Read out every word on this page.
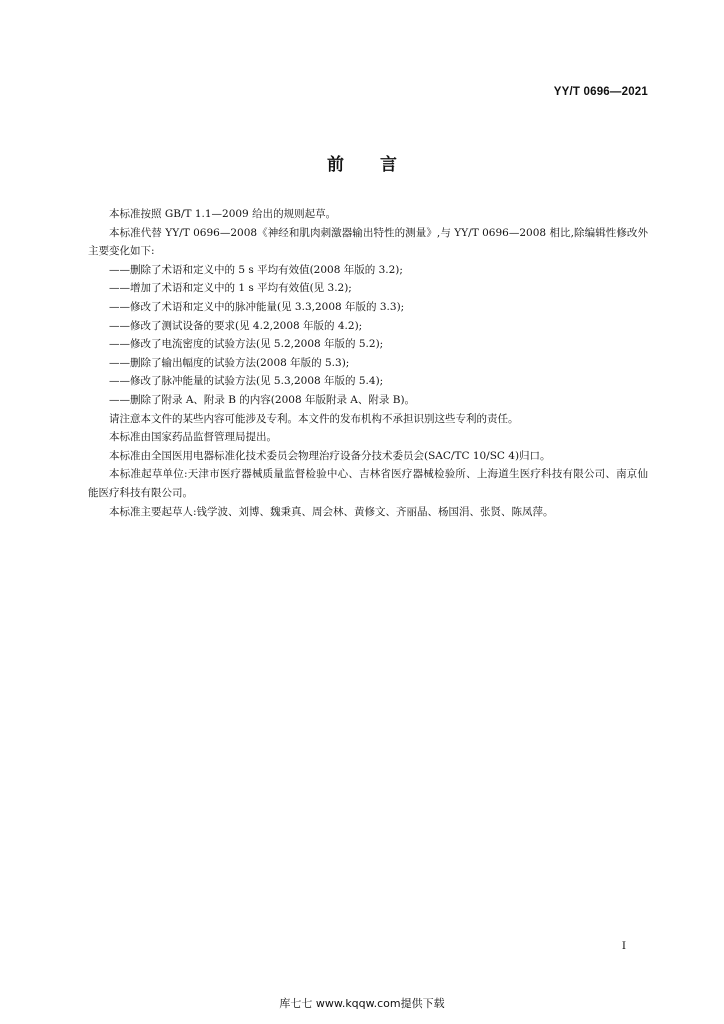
YY/T 0696—2021
前言

本标准按照 GB/T 1.1—2009 给出的规则起草。

本标准代替 YY/T 0696—2008《神经和肌肉刺激器输出特性的测量》,与 YY/T 0696—2008 相比,除编辑性修改外主要变化如下:

——删除了术语和定义中的 5 s 平均有效值(2008 年版的 3.2);

——增加了术语和定义中的 1 s 平均有效值(见 3.2);

——修改了术语和定义中的脉冲能量(见 3.3,2008 年版的 3.3);

——修改了测试设备的要求(见 4.2,2008 年版的 4.2);

——修改了电流密度的试验方法(见 5.2,2008 年版的 5.2);

——删除了输出幅度的试验方法(2008 年版的 5.3);

——修改了脉冲能量的试验方法(见 5.3,2008 年版的 5.4);

——删除了附录 A、附录 B 的内容(2008 年版附录 A、附录 B)。

请注意本文件的某些内容可能涉及专利。本文件的发布机构不承担识别这些专利的责任。

本标准由国家药品监督管理局提出。

本标准由全国医用电器标准化技术委员会物理治疗设备分技术委员会(SAC/TC 10/SC 4)归口。

本标准起草单位:天津市医疗器械质量监督检验中心、吉林省医疗器械检验所、上海道生医疗科技有限公司、南京仙能医疗科技有限公司。

本标准主要起草人:钱学波、刘博、魏秉真、周会林、黄修文、齐丽晶、杨国涓、张贤、陈凤萍。

I
库七七 www.kqqw.com提供下载
